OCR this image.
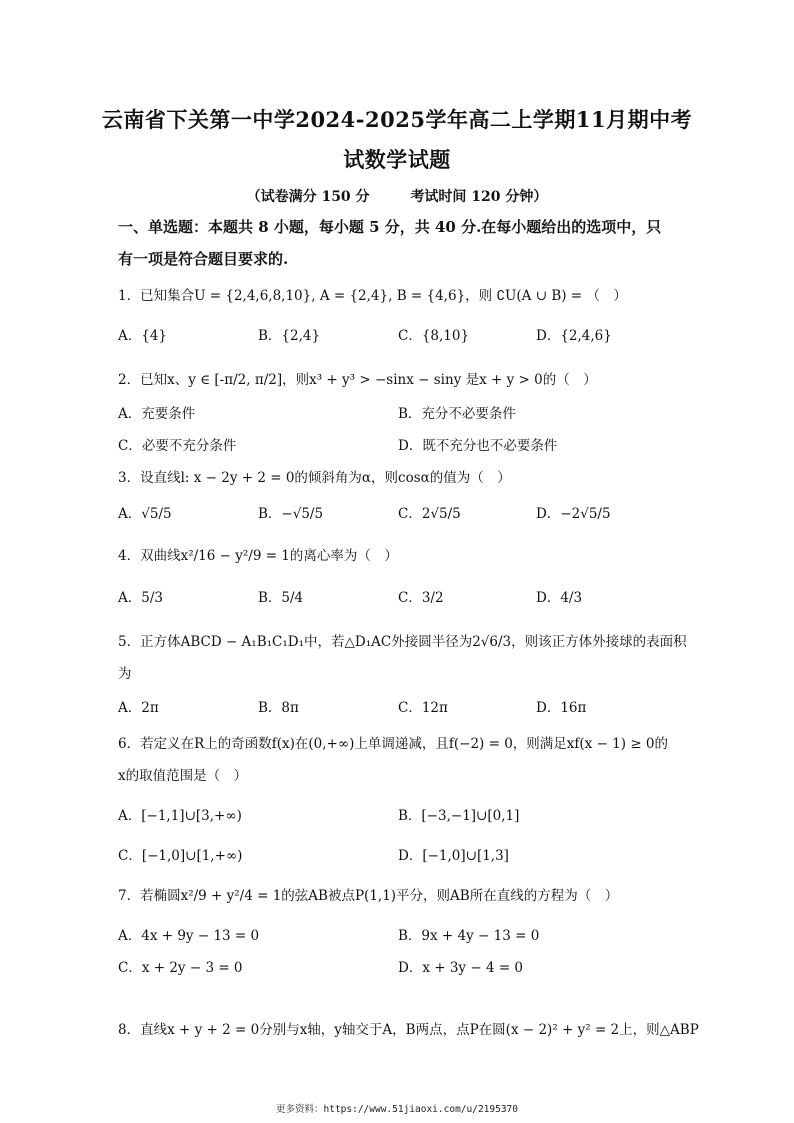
云南省下关第一中学2024-2025学年高二上学期11月期中考
试数学试题
（试卷满分 150 分	考试时间 120 分钟）
一、单选题：本题共 8 小题，每小题 5 分，共 40 分.在每小题给出的选项中，只
有一项是符合题目要求的.
1．已知集合U = {2,4,6,8,10}, A = {2,4}, B = {4,6}，则 ∁U(A ∪ B) = （　）
A．{4}	B．{2,4}	C．{8,10}	D．{2,4,6}
2．已知x、y ∈ [-π/2, π/2]，则x³ + y³ > −sinx − siny 是x + y > 0的（　）
A．充要条件	B．充分不必要条件
C．必要不充分条件	D．既不充分也不必要条件
3．设直线l: x − 2y + 2 = 0的倾斜角为α，则cosα的值为（　）
A．√5/5	B．−√5/5	C．2√5/5	D．−2√5/5
4．双曲线x²/16 − y²/9 = 1的离心率为（　）
A．5/3	B．5/4	C．3/2	D．4/3
5．正方体ABCD − A₁B₁C₁D₁中，若△D₁AC外接圆半径为2√6/3，则该正方体外接球的表面积
为
A．2π	B．8π	C．12π	D．16π
6．若定义在R上的奇函数f(x)在(0,+∞)上单调递减，且f(−2) = 0，则满足xf(x − 1) ≥ 0的
x的取值范围是（　）
A．[−1,1]∪[3,+∞)	B．[−3,−1]∪[0,1]
C．[−1,0]∪[1,+∞)	D．[−1,0]∪[1,3]
7．若椭圆x²/9 + y²/4 = 1的弦AB被点P(1,1)平分，则AB所在直线的方程为（　）
A．4x + 9y − 13 = 0	B．9x + 4y − 13 = 0
C．x + 2y − 3 = 0	D．x + 3y − 4 = 0
8．直线x + y + 2 = 0分别与x轴，y轴交于A，B两点，点P在圆(x − 2)² + y² = 2上，则△ABP
更多资料：https://www.51jiaoxi.com/u/2195370
